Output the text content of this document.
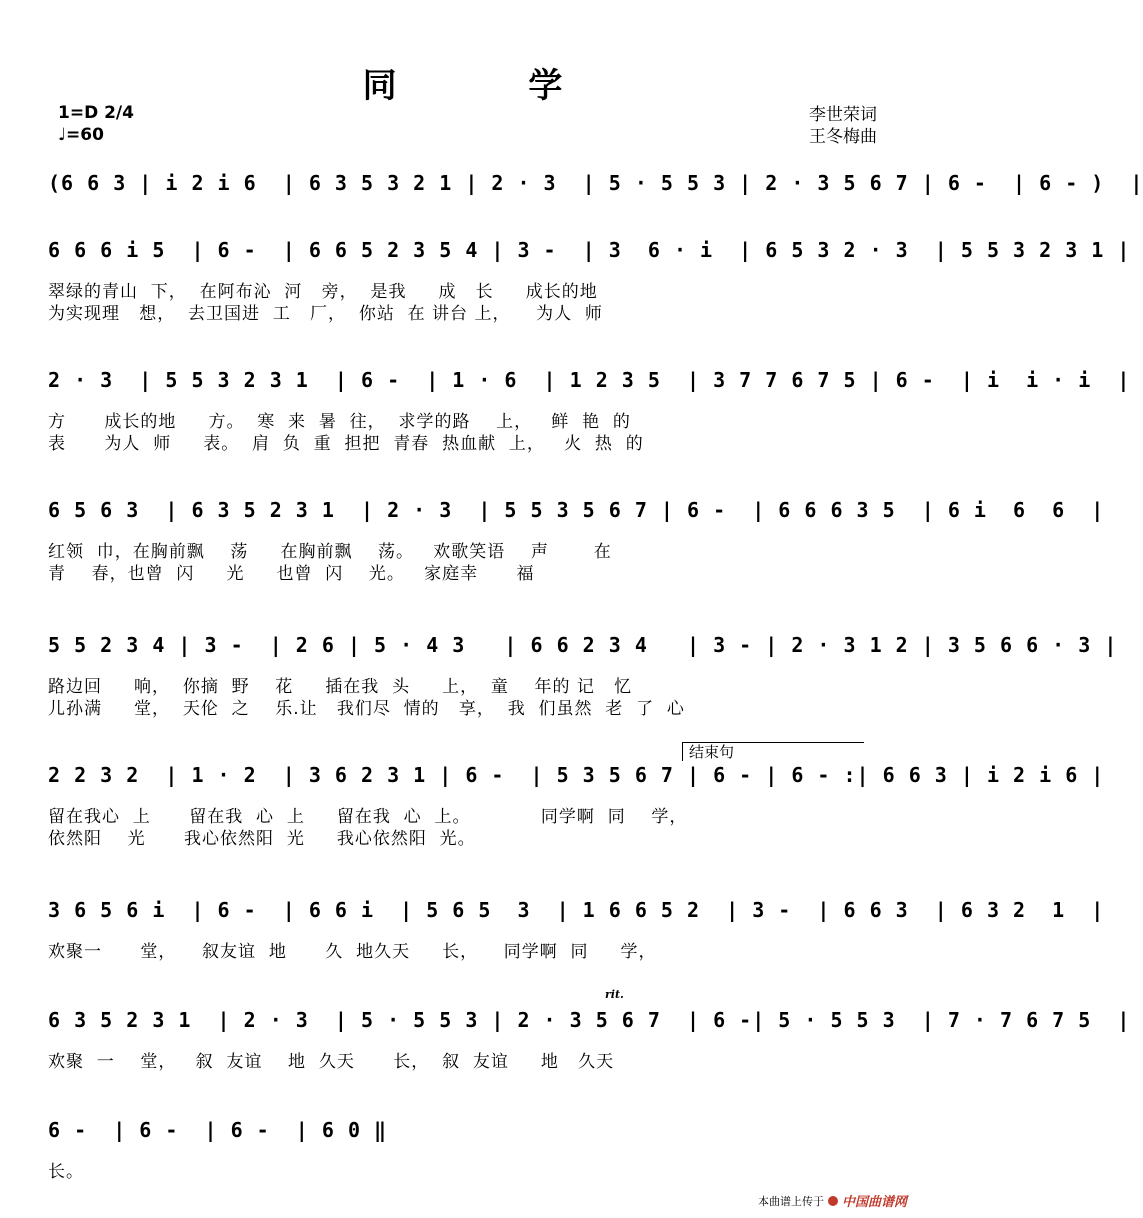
同 学
1=D 2/4
♩=60
李世荣词
王冬梅曲
(6 6 3 | i 2 i 6  | 6 3 5 3 2 1 | 2 · 3  | 5 · 5 5 3 | 2 · 3 5 6 7 | 6 -  | 6 - )  |
6 6 6 i 5  | 6 -  | 6 6 5 2 3 5 4 | 3 -  | 3  6 · i  | 6 5 3 2 · 3  | 5 5 3 2 3 1 |
翠绿的青山  下，  在阿布沁  河   旁，  是我     成   长     成长的地
为实现理   想，  去卫国进  工   厂，  你站  在 讲台 上，    为人  师
2 · 3  | 5 5 3 2 3 1  | 6 -  | 1 · 6  | 1 2 3 5  | 3 7 7 6 7 5 | 6 -  | i  i · i  |
方      成长的地     方。  寒  来  暑  往，  求学的路    上，   鲜  艳  的
表      为人  师     表。  肩  负  重  担把  青春  热血献  上，   火  热  的
6 5 6 3  | 6 3 5 2 3 1  | 2 · 3  | 5 5 3 5 6 7 | 6 -  | 6 6 6 3 5  | 6 i  6  6  |
红领  巾，在胸前飘    荡     在胸前飘    荡。   欢歌笑语    声       在
青    春，也曾  闪     光     也曾  闪    光。   家庭幸      福
5 5 2 3 4 | 3 -  | 2 6 | 5 · 4 3   | 6 6 2 3 4   | 3 - | 2 · 3 1 2 | 3 5 6 6 · 3 |
路边回     响，  你摘  野    花     插在我  头     上，  童    年的 记   忆
儿孙满     堂，  天伦  之    乐.让   我们尽  情的   享，  我  们虽然  老  了  心
2 2 3 2  | 1 · 2  | 3 6 2 3 1 | 6 -  | 5 3 5 6 7 | 6 - | 6 - :| 6 6 3 | i 2 i 6 |
留在我心  上      留在我  心  上     留在我  心  上。           同学啊  同    学，
依然阳    光      我心依然阳  光     我心依然阳  光。
3 6 5 6 i  | 6 -  | 6 6 i  | 5 6 5  3  | 1 6 6 5 2  | 3 -  | 6 6 3  | 6 3 2  1  |
欢聚一      堂，    叙友谊  地      久  地久天     长，    同学啊  同     学，
6 3 5 2 3 1  | 2 · 3  | 5 · 5 5 3 | 2 · 3 5 6 7  | 6 -| 5 · 5 5 3  | 7 · 7 6 7 5  |
欢聚  一    堂，   叙  友谊    地  久天      长，  叙  友谊     地   久天
6 -  | 6 -  | 6 -  | 6 0 ‖
长。
结束句
rit.
本曲谱上传于 中国曲谱网
